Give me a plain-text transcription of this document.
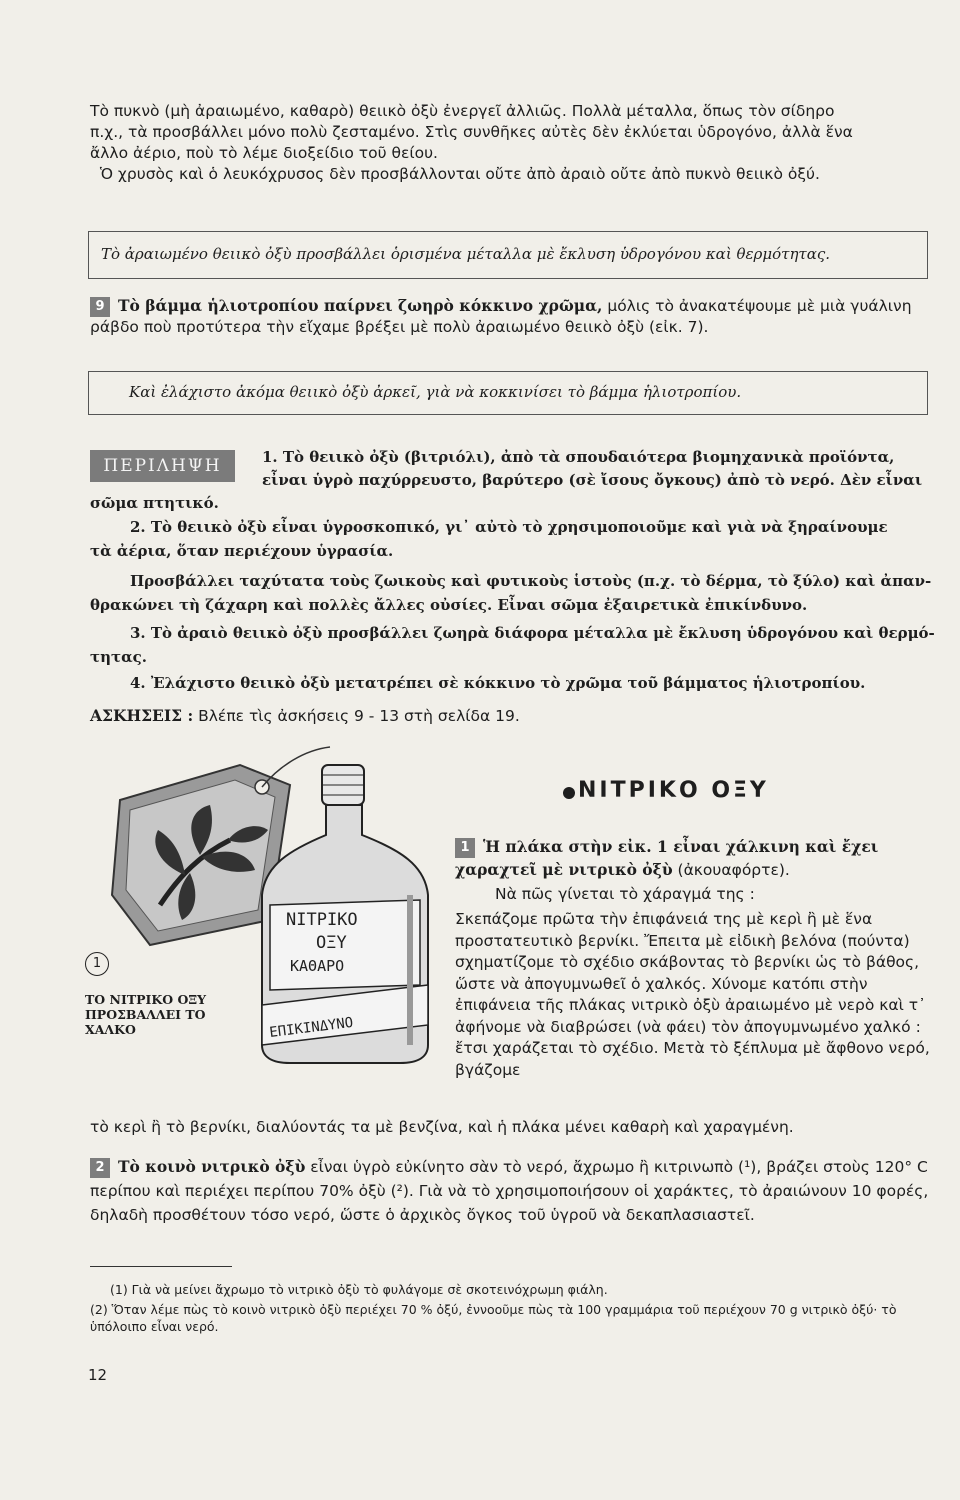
Τὸ πυκνὸ (μὴ ἀραιωμένο, καθαρὸ) θειικὸ ὀξὺ ἐνεργεῖ ἀλλιῶς. Πολλὰ μέταλλα, ὅπως τὸν σίδηρο π.χ., τὰ προσβάλλει μόνο πολὺ ζεσταμένο. Στὶς συνθῆκες αὐτὲς δὲν ἐκλύεται ὑδρογόνο, ἀλλὰ ἕνα ἄλλο ἀέριο, ποὺ τὸ λέμε διοξείδιο τοῦ θείου.

Ὁ χρυσὸς καὶ ὁ λευκόχρυσος δὲν προσβάλλονται οὔτε ἀπὸ ἀραιὸ οὔτε ἀπὸ πυκνὸ θειικὸ ὀξύ.

Τὸ ἀραιωμένο θειικὸ ὀξὺ προσβάλλει ὁρισμένα μέταλλα μὲ ἔκλυση ὑδρογόνου καὶ θερμότητας.

9 Τὸ βάμμα ἡλιοτροπίου παίρνει ζωηρὸ κόκκινο χρῶμα, μόλις τὸ ἀνακατέψουμε μὲ μιὰ γυάλινη ράβδο ποὺ προτύτερα τὴν εἴχαμε βρέξει μὲ πολὺ ἀραιωμένο θειικὸ ὀξὺ (εἰκ. 7).

Καὶ ἐλάχιστο ἀκόμα θειικὸ ὀξὺ ἀρκεῖ, γιὰ νὰ κοκκινίσει τὸ βάμμα ἡλιοτροπίου.
ΠΕΡΙΛΗΨΗ	1. Τὸ θειικὸ ὀξὺ (βιτριόλι), ἀπὸ τὰ σπουδαιότερα βιομηχανικὰ προϊόντα,
εἶναι ὑγρὸ παχύρρευστο, βαρύτερο (σὲ ἴσους ὄγκους) ἀπὸ τὸ νερό. Δὲν εἶναι
σῶμα πτητικό.
2. Τὸ θειικὸ ὀξὺ εἶναι ὑγροσκοπικό, γι᾿ αὐτὸ τὸ χρησιμοποιοῦμε καὶ γιὰ νὰ ξηραίνουμε
τὰ ἀέρια, ὅταν περιέχουν ὑγρασία.
Προσβάλλει ταχύτατα τοὺς ζωικοὺς καὶ φυτικοὺς ἱστοὺς (π.χ. τὸ δέρμα, τὸ ξύλο) καὶ ἀπαν-
θρακώνει τὴ ζάχαρη καὶ πολλὲς ἄλλες οὐσίες. Εἶναι σῶμα ἐξαιρετικὰ ἐπικίνδυνο.
3. Τὸ ἀραιὸ θειικὸ ὀξὺ προσβάλλει ζωηρὰ διάφορα μέταλλα μὲ ἔκλυση ὑδρογόνου καὶ θερμό-
τητας.
4. Ἐλάχιστο θειικὸ ὀξὺ μετατρέπει σὲ κόκκινο τὸ χρῶμα τοῦ βάμματος ἡλιοτροπίου.
ΑΣΚΗΣΕΙΣ : Βλέπε τὶς ἀσκήσεις 9 - 13 στὴ σελίδα 19.
ΝΙΤΡΙΚΟ
ΟΞΥ
ΚΑΘΑΡΟ
ΕΠΙΚΙΝΔΥΝΟ
1
ΤΟ ΝΙΤΡΙΚΟ ΟΞΥ ΠΡΟΣΒΑΛΛΕΙ ΤΟ ΧΑΛΚΟ
ΝΙΤΡΙΚΟ ΟΞΥ

1 Ἡ πλάκα στὴν εἰκ. 1 εἶναι χάλκινη καὶ ἔχει χαραχτεῖ μὲ νιτρικὸ ὀξὺ (ἀκουαφόρτε).

Νὰ πῶς γίνεται τὸ χάραγμά της :

Σκεπάζομε πρῶτα τὴν ἐπιφάνειά της μὲ κερὶ ἢ μὲ ἕνα προστατευτικὸ βερνίκι. Ἔπειτα μὲ εἰδικὴ βελόνα (πούντα) σχηματίζομε τὸ σχέδιο σκάβοντας τὸ βερνίκι ὡς τὸ βάθος, ὥστε νὰ ἀπογυμνωθεῖ ὁ χαλκός. Χύνομε κατόπι στὴν ἐπιφάνεια τῆς πλάκας νιτρικὸ ὀξὺ ἀραιωμένο μὲ νερὸ καὶ τ᾿ ἀφήνομε νὰ διαβρώσει (νὰ φάει) τὸν ἀπογυμνωμένο χαλκό : ἔτσι χαράζεται τὸ σχέδιο. Μετὰ τὸ ξέπλυμα μὲ ἄφθονο νερό, βγάζομε

τὸ κερὶ ἢ τὸ βερνίκι, διαλύοντάς τα μὲ βενζίνα, καὶ ἡ πλάκα μένει καθαρὴ καὶ χαραγμένη.

2 Τὸ κοινὸ νιτρικὸ ὀξὺ εἶναι ὑγρὸ εὐκίνητο σὰν τὸ νερό, ἄχρωμο ἢ κιτρινωπὸ (¹), βράζει στοὺς 120° C περίπου καὶ περιέχει περίπου 70% ὀξὺ (²). Γιὰ νὰ τὸ χρησιμοποιήσουν οἱ χαράκτες, τὸ ἀραιώνουν 10 φορές, δηλαδὴ προσθέτουν τόσο νερό, ὥστε ὁ ἀρχικὸς ὄγκος τοῦ ὑγροῦ νὰ δεκαπλασιαστεῖ.

(1) Γιὰ νὰ μείνει ἄχρωμο τὸ νιτρικὸ ὀξὺ τὸ φυλάγομε σὲ σκοτεινόχρωμη φιάλη.
(2) Ὅταν λέμε πὼς τὸ κοινὸ νιτρικὸ ὀξὺ περιέχει 70 % ὀξύ, ἐννοοῦμε πὼς τὰ 100 γραμμάρια τοῦ περιέχουν 70 g νιτρικὸ ὀξύ· τὸ ὑπόλοιπο εἶναι νερό.
12
